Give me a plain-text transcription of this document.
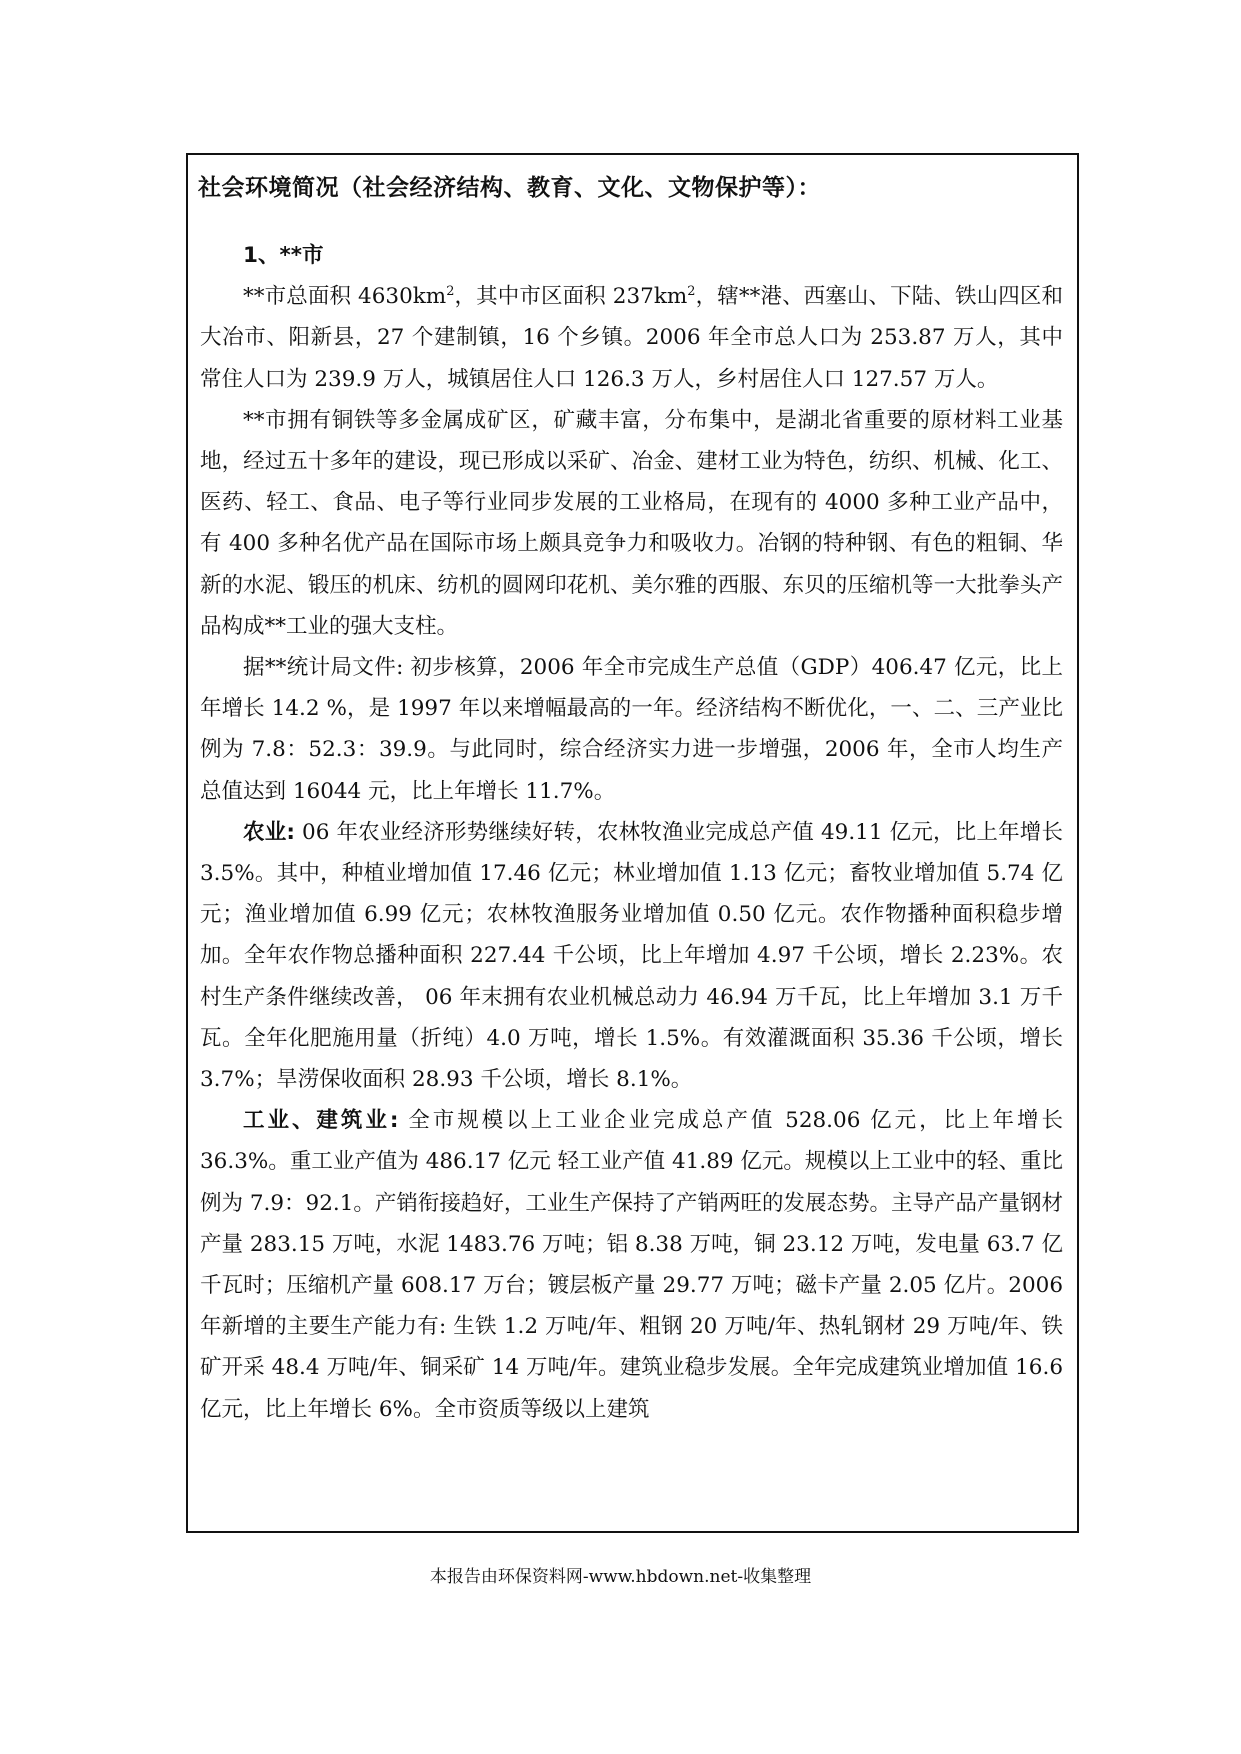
社会环境简况（社会经济结构、教育、文化、文物保护等）：

1、**市

**市总面积 $4630km^2$，其中市区面积 $237km^2$，辖**港、西塞山、下陆、铁山四区和大冶市、阳新县，27 个建制镇，16 个乡镇。2006 年全市总人口为 253.87 万人，其中常住人口为 239.9 万人，城镇居住人口 126.3 万人，乡村居住人口 127.57 万人。

**市拥有铜铁等多金属成矿区，矿藏丰富，分布集中，是湖北省重要的原材料工业基地，经过五十多年的建设，现已形成以采矿、冶金、建材工业为特色，纺织、机械、化工、医药、轻工、食品、电子等行业同步发展的工业格局，在现有的 4000 多种工业产品中，有 400 多种名优产品在国际市场上颇具竞争力和吸收力。冶钢的特种钢、有色的粗铜、华新的水泥、锻压的机床、纺机的圆网印花机、美尔雅的西服、东贝的压缩机等一大批拳头产品构成**工业的强大支柱。

据**统计局文件: 初步核算，2006 年全市完成生产总值（GDP）406.47 亿元，比上年增长 14.2 %，是 1997 年以来增幅最高的一年。经济结构不断优化，一、二、三产业比例为 7.8：52.3：39.9。与此同时，综合经济实力进一步增强，2006 年，全市人均生产总值达到 16044 元，比上年增长 11.7%。

农业: 06 年农业经济形势继续好转，农林牧渔业完成总产值 49.11 亿元，比上年增长 3.5%。其中，种植业增加值 17.46 亿元；林业增加值 1.13 亿元；畜牧业增加值 5.74 亿元；渔业增加值 6.99 亿元；农林牧渔服务业增加值 0.50 亿元。农作物播种面积稳步增加。全年农作物总播种面积 227.44 千公顷，比上年增加 4.97 千公顷，增长 2.23%。农村生产条件继续改善， 06 年末拥有农业机械总动力 46.94 万千瓦，比上年增加 3.1 万千瓦。全年化肥施用量（折纯）4.0 万吨，增长 1.5%。有效灌溉面积 35.36 千公顷，增长 3.7%；旱涝保收面积 28.93 千公顷，增长 8.1%。

工业、建筑业: 全市规模以上工业企业完成总产值 528.06 亿元，比上年增长 36.3%。重工业产值为 486.17 亿元 轻工业产值 41.89 亿元。规模以上工业中的轻、重比例为 7.9：92.1。产销衔接趋好，工业生产保持了产销两旺的发展态势。主导产品产量钢材产量 283.15 万吨，水泥 1483.76 万吨；铝 8.38 万吨，铜 23.12 万吨，发电量 63.7 亿千瓦时；压缩机产量 608.17 万台；镀层板产量 29.77 万吨；磁卡产量 2.05 亿片。2006 年新增的主要生产能力有: 生铁 1.2 万吨/年、粗钢 20 万吨/年、热轧钢材 29 万吨/年、铁矿开采 48.4 万吨/年、铜采矿 14 万吨/年。建筑业稳步发展。全年完成建筑业增加值 16.6 亿元，比上年增长 6%。全市资质等级以上建筑

本报告由环保资料网-www.hbdown.net-收集整理
